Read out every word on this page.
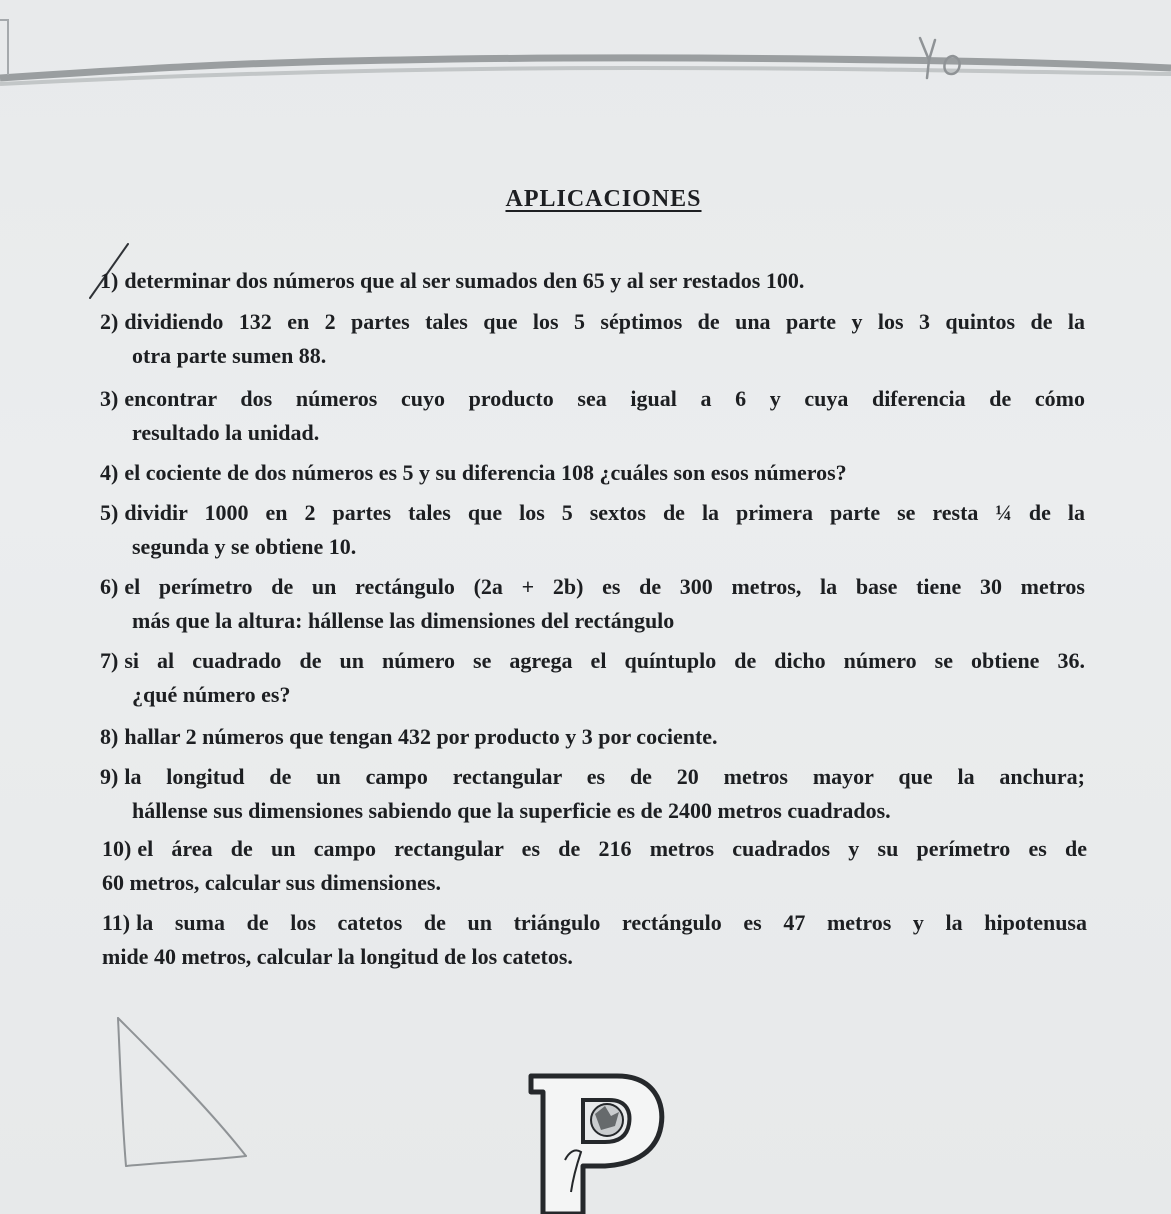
APLICACIONES
1) determinar dos números que al ser sumados den 65 y al ser restados 100.
2) dividiendo 132 en 2 partes tales que los 5 séptimos de una parte y los 3 quintos de la
otra parte sumen 88.
3) encontrar dos números cuyo producto sea igual a 6 y cuya diferencia de cómo
resultado la unidad.
4) el cociente de dos números es 5 y su diferencia 108 ¿cuáles son esos números?
5) dividir 1000 en 2 partes tales que los 5 sextos de la primera parte se resta ¼ de la
segunda y se obtiene 10.
6) el perímetro de un rectángulo (2a + 2b) es de 300 metros, la base tiene 30 metros
más que la altura: hállense las dimensiones del rectángulo
7) si al cuadrado de un número se agrega el quíntuplo de dicho número se obtiene 36.
¿qué número es?
8) hallar 2 números que tengan 432 por producto y 3 por cociente.
9) la longitud de un campo rectangular es de 20 metros mayor que la anchura;
hállense sus dimensiones sabiendo que la superficie es de 2400 metros cuadrados.
10) el área de un campo rectangular es de 216 metros cuadrados y su perímetro es de
60 metros, calcular sus dimensiones.
11) la suma de los catetos de un triángulo rectángulo es 47 metros y la hipotenusa
mide 40 metros, calcular la longitud de los catetos.
